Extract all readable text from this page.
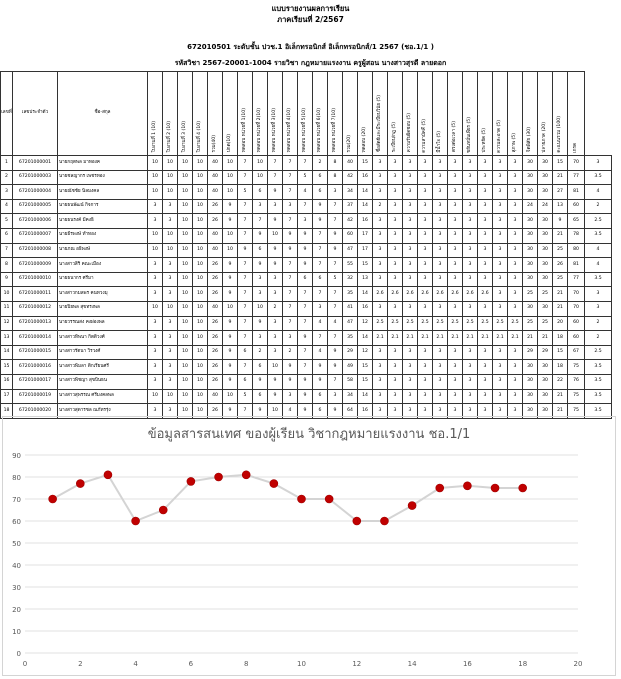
แบบรายงานผลการเรียน
ภาคเรียนที่ 2/2567
672010501 ระดับชั้น ปวช.1 อิเล็กทรอนิกส์ อิเล็กทรอนิกส์/1 2567 (ชอ.1/1 )
รหัสวิชา 2567-20001-1004 รายวิชา กฎหมายแรงงาน ครูผู้สอน นางสาวสุรดี ลายดอก
เลขที่	เลขประจำตัว	ชื่อ-สกุล	ใบงานที่ 1 (10)	ใบงานที่ 2 (10)	ใบงานที่ 3 (10)	ใบงานที่ 4 (10)	รวม(40)	ปกต(10)	ทดสอบ หน่วยที่ 1(10)	ทดสอบ หน่วยที่ 2(10)	ทดสอบ หน่วยที่ 3(10)	ทดสอบ หน่วยที่ 4(10)	ทดสอบ หน่วยที่ 5(10)	ทดสอบ หน่วยที่ 6(10)	ทดสอบ หน่วยที่ 7(10)	รวม(20)	ทดสอบ (20)	ซื่อสัตย์และมีระเบียบวินัย (5)	ระเบียบ/กฎ (5)	ความรับผิดชอบ (5)	ความสามัคคี (5)	มีน้ำใจ (5)	ตรงต่อเวลา (5)	ขยันหมั่นเพียร (5)	ประหยัด (5)	ความสะอาด (5)	สุภาพ (5)	จิตพิสัย (30)	ปลายภาค (20)	คะแนนรวม (100)	เกรด	
1	67201000001	นายกฤตพล มาทองค	10	10	10	10	40	10	7	10	7	7	7	2	8	40	15	3	3	3	3	3	3	3	3	3	3	30	30	15	70	3
2	67201000003	นายชลญากร เพชรทอง	10	10	10	10	40	10	7	10	7	7	5	6	8	42	16	3	3	3	3	3	3	3	3	3	3	30	30	21	77	3.5
3	67201000004	นายณัชชัย นิลมงคล	10	10	10	10	40	10	5	6	9	7	4	6	3	34	14	3	3	3	3	3	3	3	3	3	3	30	30	27	81	4
4	67201000005	นายธนพัฒน์ กิจการ	3	3	10	10	26	9	7	3	3	3	7	9	7	37	14	2	3	3	3	3	3	3	3	3	3	24	24	13	60	2
5	67201000006	นายธนรงค์ มีคงธิ	3	3	10	10	26	9	7	7	9	7	3	9	7	42	16	3	3	3	3	3	3	3	3	3	3	30	30	9	65	2.5
6	67201000007	นายธีรพงษ์ ทำทอง	10	10	10	10	40	10	7	9	10	9	9	7	9	60	17	3	3	3	3	3	3	3	3	3	3	30	30	21	78	3.5
7	67201000008	นายภณ อธิพงษ์	10	10	10	10	40	10	9	6	9	9	9	7	9	47	17	3	3	3	3	3	3	3	3	3	3	30	30	25	80	4
8	67201000009	นางสาวสิริ คณะเมือง	3	3	10	10	26	9	7	9	9	7	9	7	7	55	15	3	3	3	3	3	3	3	3	3	3	30	30	26	81	4
9	67201000010	นายธนากร ศรีมา	3	3	10	10	26	9	7	3	3	7	6	6	5	32	13	3	3	3	3	3	3	3	3	3	3	30	30	25	77	3.5
10	67201000011	นางสาวกมลพร คนทวงมุ	3	3	10	10	26	9	7	3	3	7	7	7	7	35	14	2.6	2.6	2.6	2.6	2.6	2.6	2.6	2.6	3	3	25	25	21	70	3
11	67201000012	นายปิยพล สุขทรงพล	10	10	10	10	40	10	7	10	2	7	7	3	7	41	16	3	3	3	3	3	3	3	3	3	3	30	30	21	70	3
12	67201000013	นายวรรณสง คงผ่องพล	3	3	10	10	26	9	7	9	3	7	7	4	4	47	12	2.5	2.5	2.5	2.5	2.5	2.5	2.5	2.5	2.5	2.5	25	25	20	60	2
13	67201000014	นางสาวทิพนา กิตติวงศ์	3	3	10	10	26	9	7	3	3	3	9	7	7	35	14	2.1	2.1	2.1	2.1	2.1	2.1	2.1	2.1	2.1	2.1	21	21	18	60	2
14	67201000015	นางสาวรัตนา วิรวงศ์	3	3	10	10	26	9	6	2	3	2	7	4	9	29	12	3	3	3	3	3	3	3	3	3	3	29	29	15	67	2.5
15	67201000016	นางสาวพิมลา ติกเรียนศรี	3	3	10	10	26	9	7	6	10	9	7	9	9	49	15	3	3	3	3	3	3	3	3	3	3	30	30	18	75	3.5
16	67201000017	นางสาวพิชญา สุขบินธน	3	3	10	10	26	9	6	9	9	9	9	9	7	58	15	3	3	3	3	3	3	3	3	3	3	30	30	22	76	3.5
17	67201000019	นางสาวสุพรรณ ศรีมงคลพล	10	10	10	10	40	10	5	6	9	3	9	6	3	34	14	3	3	3	3	3	3	3	3	3	3	30	30	21	75	3.5
18	67201000020	นางสาวสุดารชล ณภัทรรุ่ง	3	3	10	10	26	9	7	9	10	4	9	6	9	64	16	3	3	3	3	3	3	3	3	3	3	30	30	21	75	3.5
ข้อมูลสารสนเทศ ของผู้เรียน วิชากฎหมายแรงงาน ชอ.1/1
0
10
20
30
40
50
60
70
80
90
0	2	4	6	8	10	12	14	16	18	20
